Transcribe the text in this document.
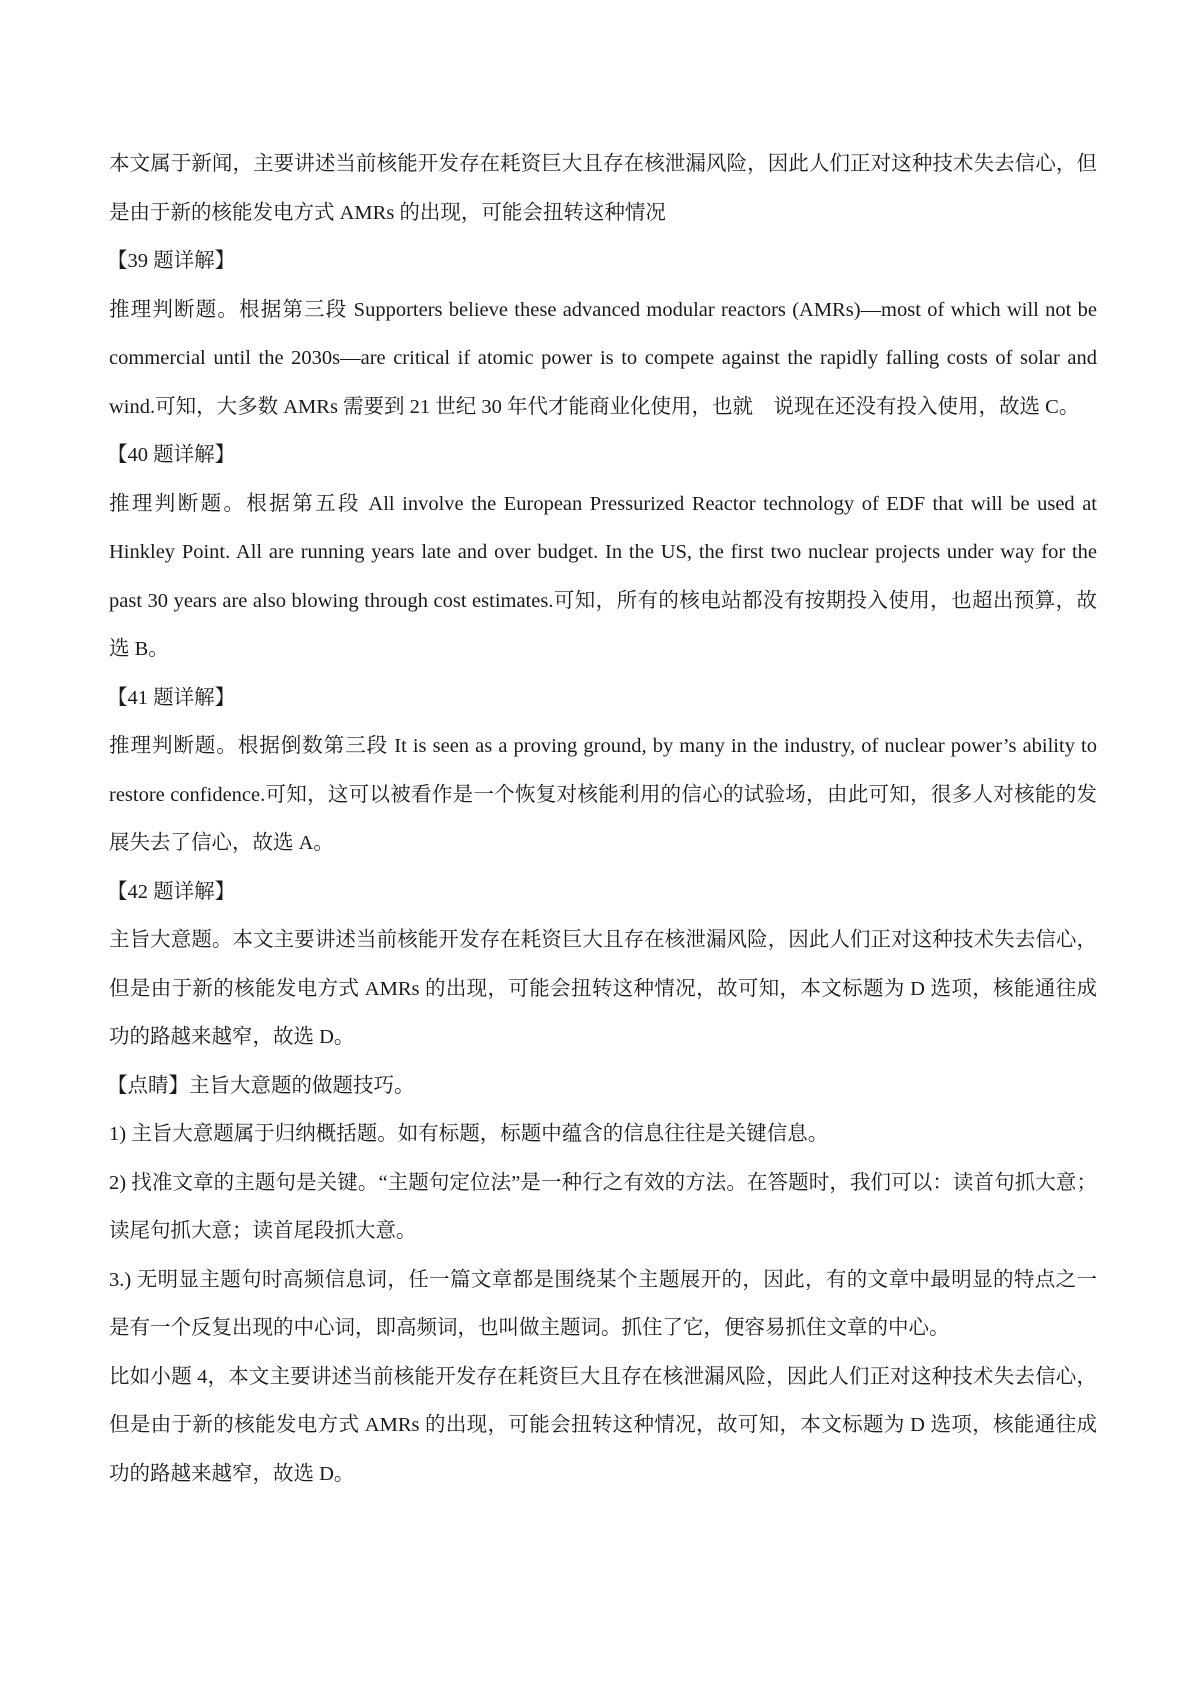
本文属于新闻，主要讲述当前核能开发存在耗资巨大且存在核泄漏风险，因此人们正对这种技术失去信心，但是由于新的核能发电方式 AMRs 的出现，可能会扭转这种情况

【39 题详解】

推理判断题。根据第三段 Supporters believe these advanced modular reactors (AMRs)—most of which will not be commercial until the 2030s—are critical if atomic power is to compete against the rapidly falling costs of solar and wind.可知，大多数 AMRs 需要到 21 世纪 30 年代才能商业化使用，也就　说现在还没有投入使用，故选 C。

【40 题详解】

推理判断题。根据第五段 All involve the European Pressurized Reactor technology of EDF that will be used at Hinkley Point. All are running years late and over budget. In the US, the first two nuclear projects under way for the past 30 years are also blowing through cost estimates.可知，所有的核电站都没有按期投入使用，也超出预算，故选 B。

【41 题详解】

推理判断题。根据倒数第三段 It is seen as a proving ground, by many in the industry, of nuclear power’s ability to restore confidence.可知，这可以被看作是一个恢复对核能利用的信心的试验场，由此可知，很多人对核能的发展失去了信心，故选 A。

【42 题详解】

主旨大意题。本文主要讲述当前核能开发存在耗资巨大且存在核泄漏风险，因此人们正对这种技术失去信心，但是由于新的核能发电方式 AMRs 的出现，可能会扭转这种情况，故可知，本文标题为 D 选项，核能通往成功的路越来越窄，故选 D。

【点睛】主旨大意题的做题技巧。

1) 主旨大意题属于归纳概括题。如有标题，标题中蕴含的信息往往是关键信息。

2) 找准文章的主题句是关键。“主题句定位法”是一种行之有效的方法。在答题时，我们可以：读首句抓大意；读尾句抓大意；读首尾段抓大意。

3.) 无明显主题句时高频信息词，任一篇文章都是围绕某个主题展开的，因此，有的文章中最明显的特点之一是有一个反复出现的中心词，即高频词，也叫做主题词。抓住了它，便容易抓住文章的中心。

比如小题 4，本文主要讲述当前核能开发存在耗资巨大且存在核泄漏风险，因此人们正对这种技术失去信心，但是由于新的核能发电方式 AMRs 的出现，可能会扭转这种情况，故可知，本文标题为 D 选项，核能通往成功的路越来越窄，故选 D。
